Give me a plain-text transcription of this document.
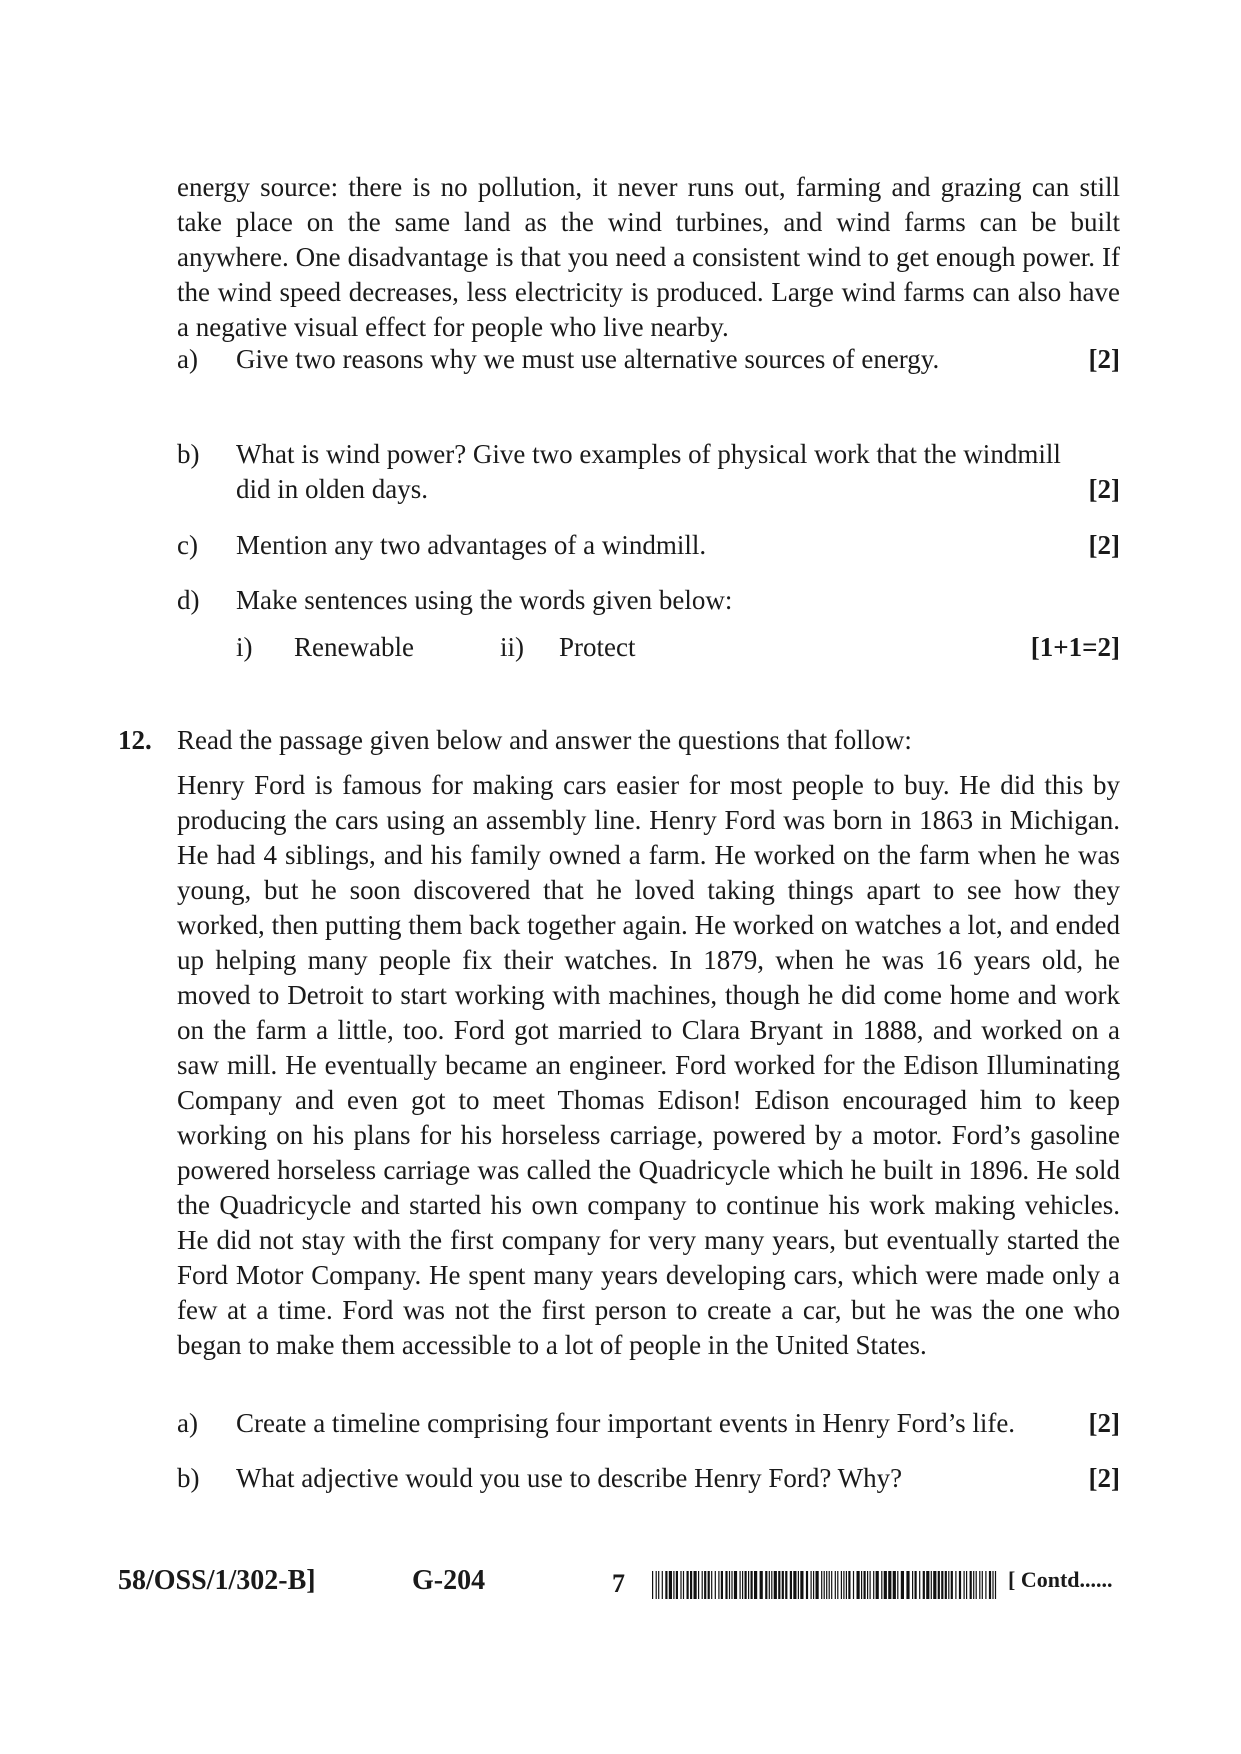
energy source: there is no pollution, it never runs out, farming and grazing can still take place on the same land as the wind turbines, and wind farms can be built anywhere. One disadvantage is that you need a consistent wind to get enough power. If the wind speed decreases, less electricity is produced. Large wind farms can also have a negative visual effect for people who live nearby.

a) Give two reasons why we must use alternative sources of energy.	[2]
b) What is wind power? Give two examples of physical work that the windmill
did in olden days.	[2]
c) Mention any two advantages of a windmill.	[2]
d) Make sentences using the words given below:
i) Renewable	ii) Protect	[1+1=2]
12. Read the passage given below and answer the questions that follow:

Henry Ford is famous for making cars easier for most people to buy. He did this by producing the cars using an assembly line. Henry Ford was born in 1863 in Michigan. He had 4 siblings, and his family owned a farm. He worked on the farm when he was young, but he soon discovered that he loved taking things apart to see how they worked, then putting them back together again. He worked on watches a lot, and ended up helping many people fix their watches. In 1879, when he was 16 years old, he moved to Detroit to start working with machines, though he did come home and work on the farm a little, too. Ford got married to Clara Bryant in 1888, and worked on a saw mill. He eventually became an engineer. Ford worked for the Edison Illuminating Company and even got to meet Thomas Edison! Edison encouraged him to keep working on his plans for his horseless carriage, powered by a motor. Ford’s gasoline powered horseless carriage was called the Quadricycle which he built in 1896. He sold the Quadricycle and started his own company to continue his work making vehicles. He did not stay with the first company for very many years, but eventually started the Ford Motor Company. He spent many years developing cars, which were made only a few at a time. Ford was not the first person to create a car, but he was the one who began to make them accessible to a lot of people in the United States.

a) Create a timeline comprising four important events in Henry Ford’s life.	[2]
b) What adjective would you use to describe Henry Ford? Why?	[2]
58/OSS/1/302-B]	G-204	7	[ Contd......
